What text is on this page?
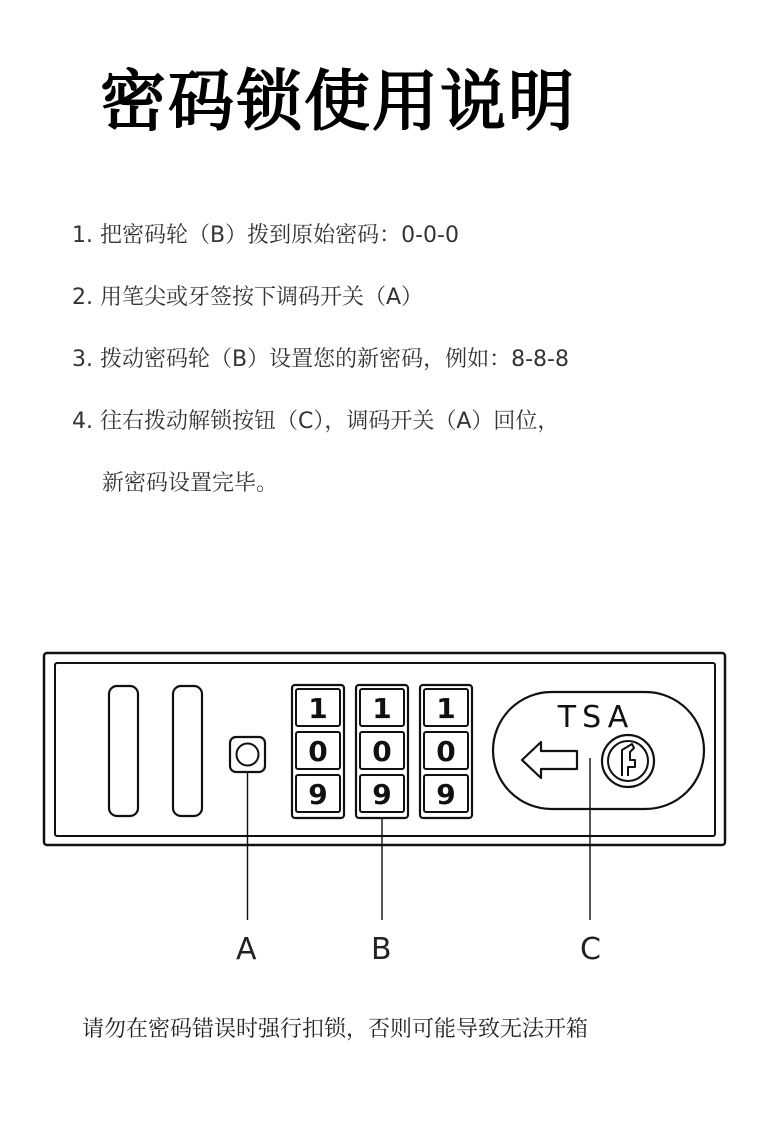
密码锁使用说明
1. 把密码轮（B）拨到原始密码：0-0-0
2. 用笔尖或牙签按下调码开关（A）
3. 拨动密码轮（B）设置您的新密码，例如：8-8-8
4. 往右拨动解锁按钮（C），调码开关（A）回位，
新密码设置完毕。
1
0
9
1
0
9
1
0
9
TSA
A	B	C
请勿在密码错误时强行扣锁，否则可能导致无法开箱
